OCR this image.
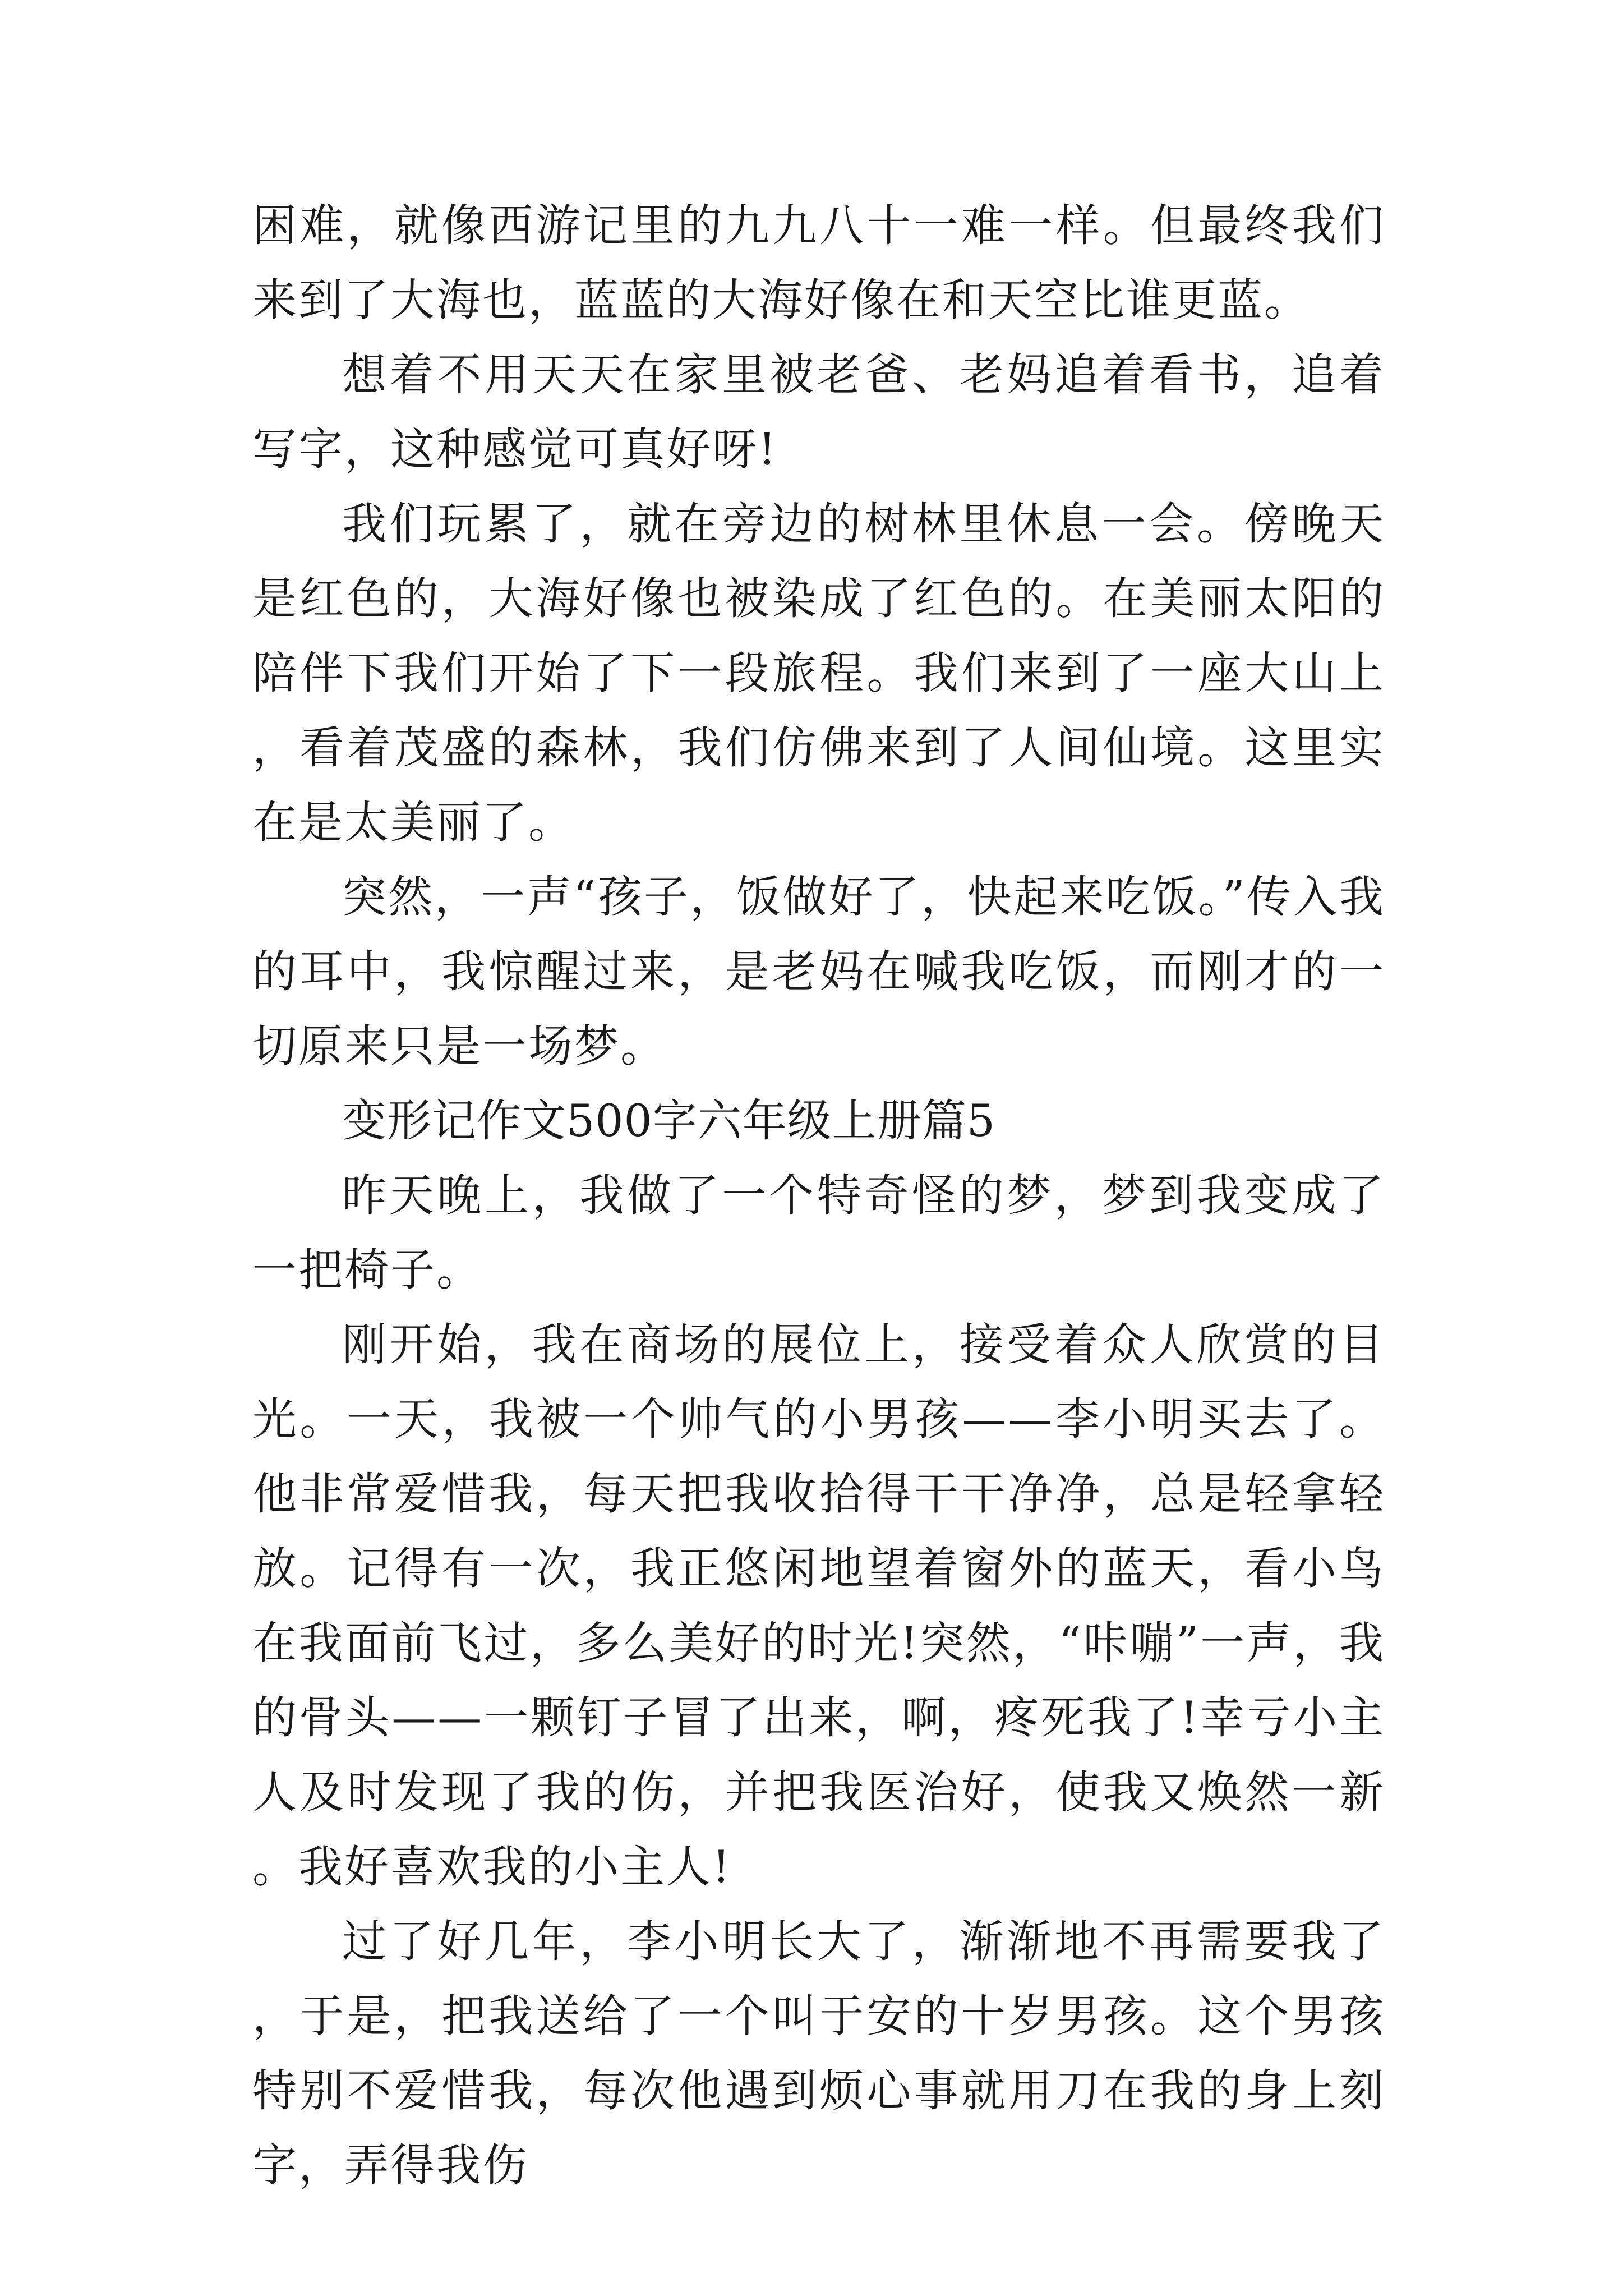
困难，就像西游记里的九九八十一难一样。但最终我们来到了大海也，蓝蓝的大海好像在和天空比谁更蓝。

想着不用天天在家里被老爸、老妈追着看书，追着写字，这种感觉可真好呀!

我们玩累了，就在旁边的树林里休息一会。傍晚天是红色的，大海好像也被染成了红色的。在美丽太阳的陪伴下我们开始了下一段旅程。我们来到了一座大山上，看着茂盛的森林，我们仿佛来到了人间仙境。这里实在是太美丽了。

突然，一声“孩子，饭做好了，快起来吃饭。”传入我的耳中，我惊醒过来，是老妈在喊我吃饭，而刚才的一切原来只是一场梦。

变形记作文500字六年级上册篇5

昨天晚上，我做了一个特奇怪的梦，梦到我变成了一把椅子。

刚开始，我在商场的展位上，接受着众人欣赏的目光。一天，我被一个帅气的小男孩——李小明买去了。他非常爱惜我，每天把我收拾得干干净净，总是轻拿轻放。记得有一次，我正悠闲地望着窗外的蓝天，看小鸟在我面前飞过，多么美好的时光!突然，“咔嘣”一声，我的骨头——一颗钉子冒了出来，啊，疼死我了!幸亏小主人及时发现了我的伤，并把我医治好，使我又焕然一新。我好喜欢我的小主人!

过了好几年，李小明长大了，渐渐地不再需要我了，于是，把我送给了一个叫于安的十岁男孩。这个男孩特别不爱惜我，每次他遇到烦心事就用刀在我的身上刻字，弄得我伤
